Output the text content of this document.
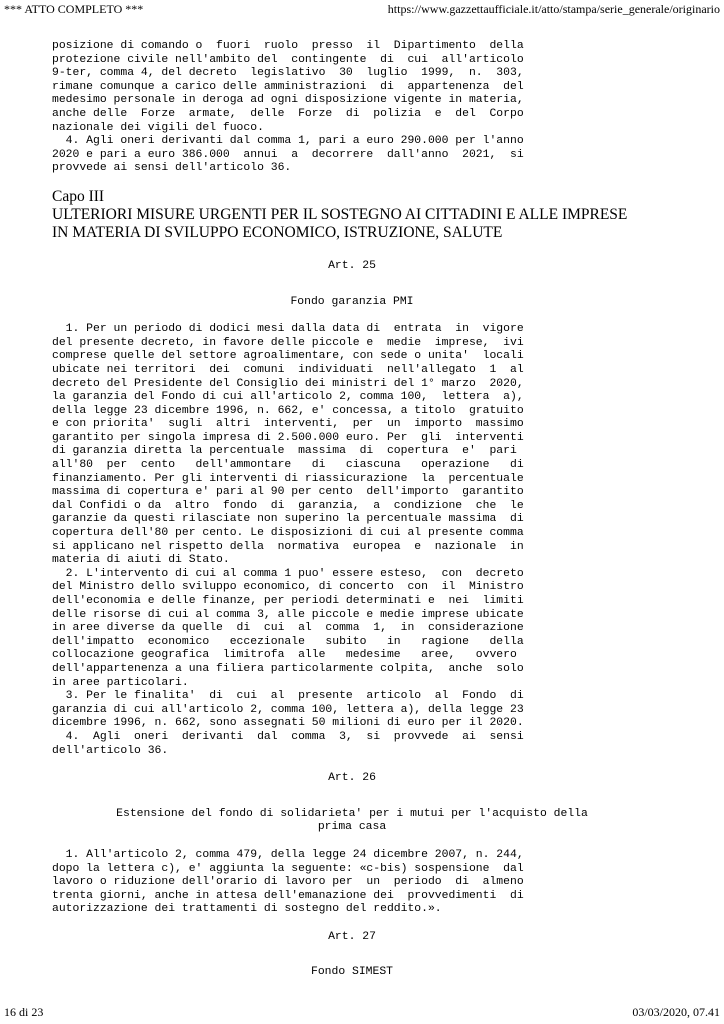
*** ATTO COMPLETO ***	https://www.gazzettaufficiale.it/atto/stampa/serie_generale/originario
posizione di comando o  fuori  ruolo  presso  il  Dipartimento  della
protezione civile nell'ambito del  contingente  di  cui  all'articolo
9-ter, comma 4, del decreto  legislativo  30  luglio  1999,  n.  303,
rimane comunque a carico delle amministrazioni  di  appartenenza  del
medesimo personale in deroga ad ogni disposizione vigente in materia,
anche delle  Forze  armate,  delle  Forze  di  polizia  e  del  Corpo
nazionale dei vigili del fuoco.
4. Agli oneri derivanti dal comma 1, pari a euro 290.000 per l'anno
2020 e pari a euro 386.000  annui  a  decorrere  dall'anno  2021,  si
provvede ai sensi dell'articolo 36.
Capo III
ULTERIORI MISURE URGENTI PER IL SOSTEGNO AI CITTADINI E ALLE IMPRESE
IN MATERIA DI SVILUPPO ECONOMICO, ISTRUZIONE, SALUTE
Art. 25
Fondo garanzia PMI
1. Per un periodo di dodici mesi dalla data di  entrata  in  vigore
del presente decreto, in favore delle piccole e  medie  imprese,  ivi
comprese quelle del settore agroalimentare, con sede o unita'  locali
ubicate nei territori  dei  comuni  individuati  nell'allegato  1  al
decreto del Presidente del Consiglio dei ministri del 1° marzo  2020,
la garanzia del Fondo di cui all'articolo 2, comma 100,  lettera  a),
della legge 23 dicembre 1996, n. 662, e' concessa, a titolo  gratuito
e con priorita'  sugli  altri  interventi,  per  un  importo  massimo
garantito per singola impresa di 2.500.000 euro. Per  gli  interventi
di garanzia diretta la percentuale  massima  di  copertura  e'  pari
all'80  per  cento   dell'ammontare   di   ciascuna   operazione   di
finanziamento. Per gli interventi di riassicurazione  la  percentuale
massima di copertura e' pari al 90 per cento  dell'importo  garantito
dal Confidi o da  altro  fondo  di  garanzia,  a  condizione  che  le
garanzie da questi rilasciate non superino la percentuale massima  di
copertura dell'80 per cento. Le disposizioni di cui al presente comma
si applicano nel rispetto della  normativa  europea  e  nazionale  in
materia di aiuti di Stato.
2. L'intervento di cui al comma 1 puo' essere esteso,  con  decreto
del Ministro dello sviluppo economico, di concerto  con  il  Ministro
dell'economia e delle finanze, per periodi determinati e  nei  limiti
delle risorse di cui al comma 3, alle piccole e medie imprese ubicate
in aree diverse da quelle  di  cui  al  comma  1,  in  considerazione
dell'impatto  economico   eccezionale   subito   in   ragione   della
collocazione geografica  limitrofa  alle   medesime   aree,   ovvero
dell'appartenenza a una filiera particolarmente colpita,  anche  solo
in aree particolari.
3. Per le finalita'  di  cui  al  presente  articolo  al  Fondo  di
garanzia di cui all'articolo 2, comma 100, lettera a), della legge 23
dicembre 1996, n. 662, sono assegnati 50 milioni di euro per il 2020.
4.  Agli  oneri  derivanti  dal  comma  3,  si  provvede  ai  sensi
dell'articolo 36.
Art. 26
Estensione del fondo di solidarieta' per i mutui per l'acquisto della
prima casa
1. All'articolo 2, comma 479, della legge 24 dicembre 2007, n. 244,
dopo la lettera c), e' aggiunta la seguente: «c-bis) sospensione  dal
lavoro o riduzione dell'orario di lavoro per  un  periodo  di  almeno
trenta giorni, anche in attesa dell'emanazione dei  provvedimenti  di
autorizzazione dei trattamenti di sostegno del reddito.».
Art. 27
Fondo SIMEST
16 di 23	03/03/2020, 07.41
